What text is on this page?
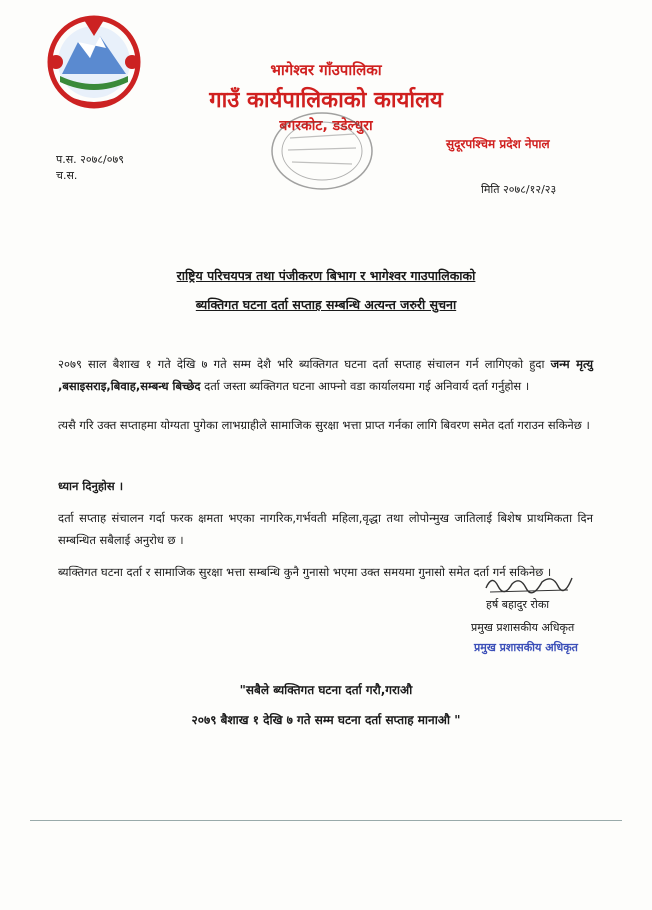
भागेश्वर गाँउपालिका
गाउँ कार्यपालिकाको कार्यालय
बगरकोट, डडेल्धुरा
सुदूरपश्चिम प्रदेश नेपाल
प.स. २०७८/०७९
च.स.
मिति २०७८/१२/२३
राष्ट्रिय परिचयपत्र तथा पंजीकरण बिभाग र भागेश्वर गाउपालिकाको
ब्यक्तिगत घटना दर्ता सप्ताह सम्बन्धि अत्यन्त जरुरी सुचना
२०७९ साल बैशाख १ गते देखि ७ गते सम्म देशै भरि ब्यक्तिगत घटना दर्ता सप्ताह संचालन गर्न लागिएको हुदा जन्म मृत्यु ,बसाइसराइ,बिवाह,सम्बन्ध बिच्छेद दर्ता जस्ता ब्यक्तिगत घटना आफ्नो वडा कार्यालयमा गई अनिवार्य दर्ता गर्नुहोस ।
त्यसै गरि उक्त सप्ताहमा योग्यता पुगेका लाभग्राहीले सामाजिक सुरक्षा भत्ता प्राप्त गर्नका लागि बिवरण समेत दर्ता गराउन सकिनेछ ।
ध्यान दिनुहोस ।
दर्ता सप्ताह संचालन गर्दा फरक क्षमता भएका नागरिक,गर्भवती महिला,वृद्धा तथा लोपोन्मुख जातिलाई बिशेष प्राथमिकता दिन सम्बन्धित सबैलाई अनुरोध छ ।
ब्यक्तिगत घटना दर्ता र सामाजिक सुरक्षा भत्ता सम्बन्धि कुनै गुनासो भएमा उक्त समयमा गुनासो समेत दर्ता गर्न सकिनेछ ।
हर्ष बहादुर रोका
प्रमुख प्रशासकीय अधिकृत
प्रमुख प्रशासकीय अधिकृत
"सबैले ब्यक्तिगत घटना दर्ता गरौ,गराऔ
२०७९ बैशाख १ देखि ७ गते सम्म घटना दर्ता सप्ताह मानाऔ "
